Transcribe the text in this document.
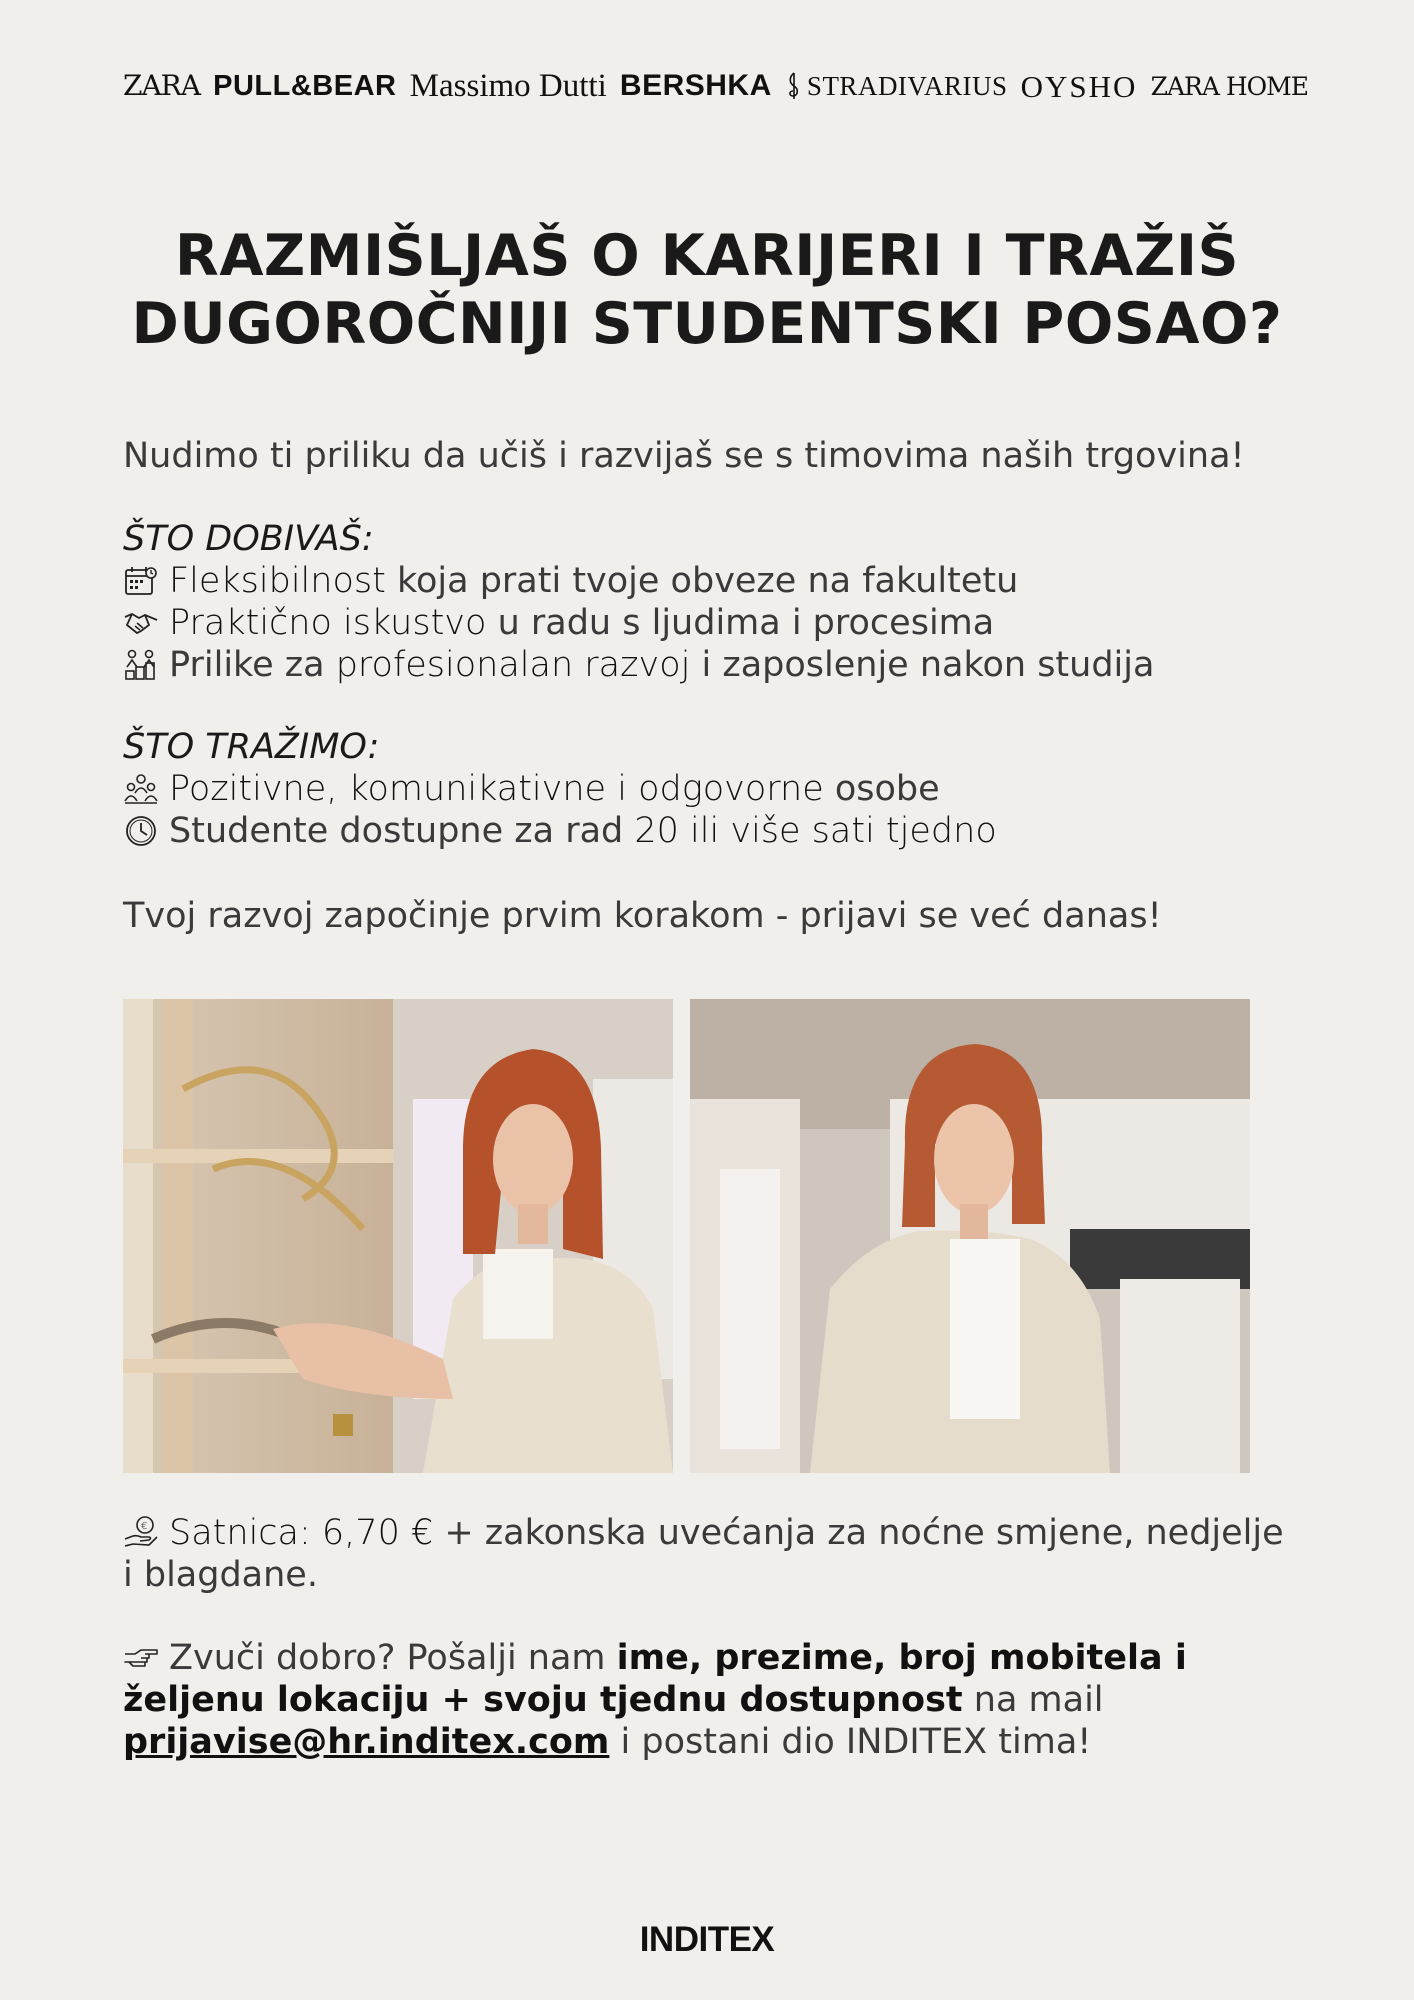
ZARA PULL&BEAR Massimo Dutti BERSHKA STRADIVARIUS OYSHO ZARA HOME
RAZMIŠLJAŠ O KARIJERI I TRAŽIŠ
DUGOROČNIJI STUDENTSKI POSAO?
Nudimo ti priliku da učiš i razvijaš se s timovima naših trgovina!
ŠTO DOBIVAŠ:
Fleksibilnost koja prati tvoje obveze na fakultetu
Praktično iskustvo u radu s ljudima i procesima
Prilike za profesionalan razvoj i zaposlenje nakon studija
ŠTO TRAŽIMO:
Pozitivne, komunikativne i odgovorne osobe
Studente dostupne za rad 20 ili više sati tjedno
Tvoj razvoj započinje prvim korakom - prijavi se već danas!
€ Satnica: 6,70 € + zakonska uvećanja za noćne smjene, nedjelje
i blagdane.
Zvuči dobro? Pošalji nam ime, prezime, broj mobitela i
željenu lokaciju + svoju tjednu dostupnost na mail
prijavise@hr.inditex.com i postani dio INDITEX tima!
INDITEX
